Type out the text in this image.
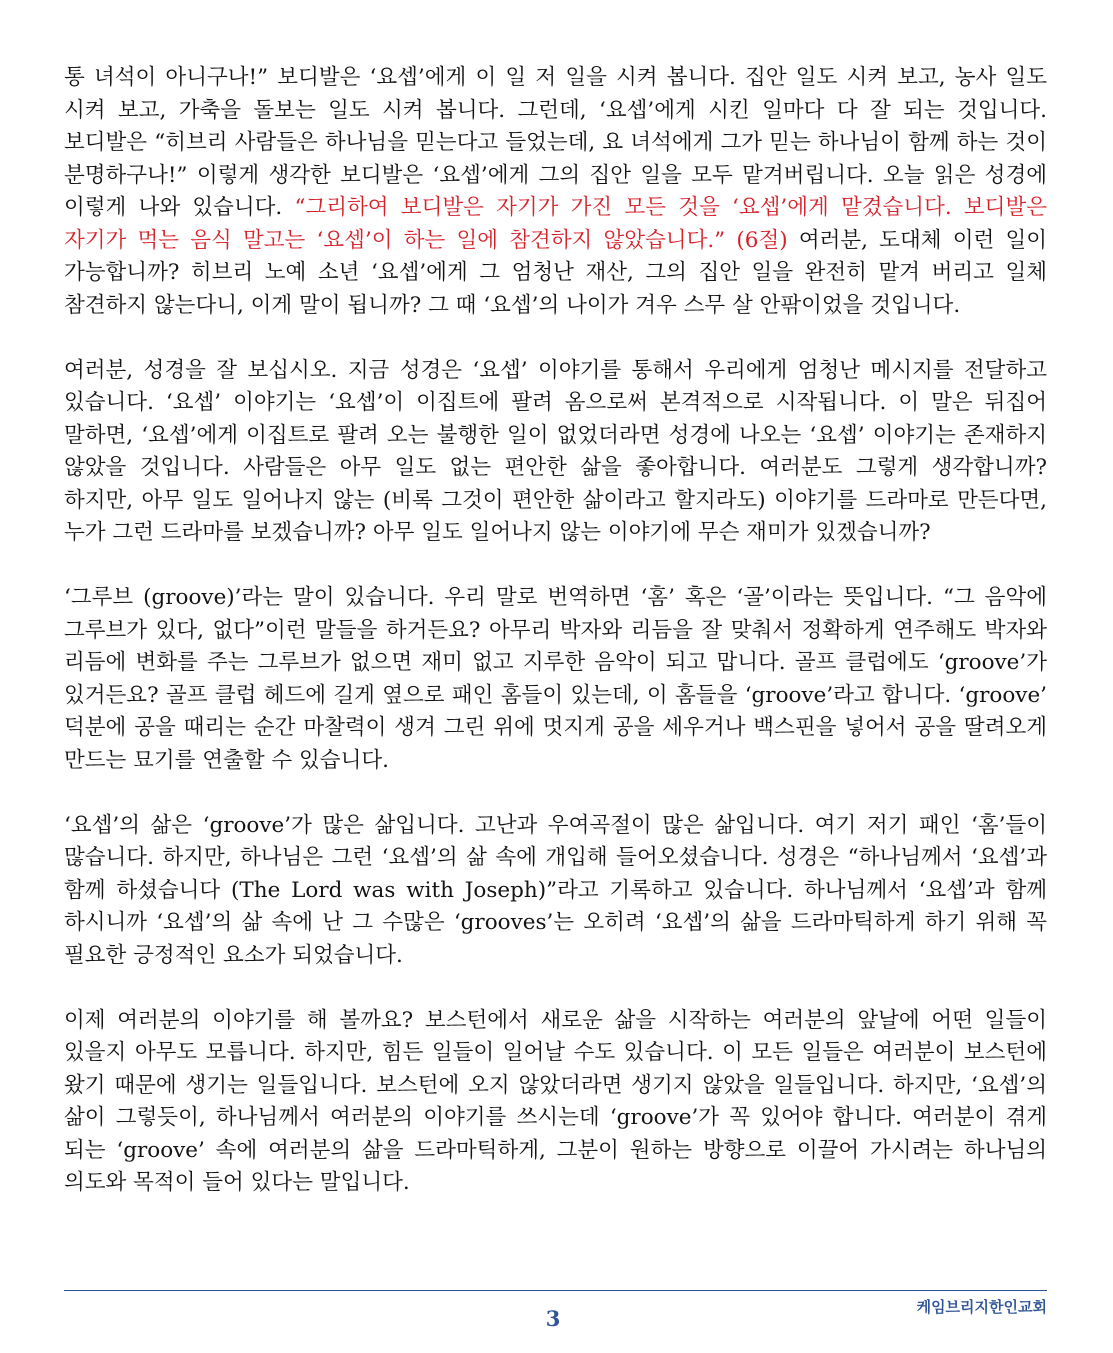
통 녀석이 아니구나!” 보디발은 ‘요셉’에게 이 일 저 일을 시켜 봅니다. 집안 일도 시켜 보고, 농사 일도 시켜 보고, 가축을 돌보는 일도 시켜 봅니다. 그런데, ‘요셉’에게 시킨 일마다 다 잘 되는 것입니다. 보디발은 “히브리 사람들은 하나님을 믿는다고 들었는데, 요 녀석에게 그가 믿는 하나님이 함께 하는 것이 분명하구나!” 이렇게 생각한 보디발은 ‘요셉’에게 그의 집안 일을 모두 맡겨버립니다. 오늘 읽은 성경에 이렇게 나와 있습니다. “그리하여 보디발은 자기가 가진 모든 것을 ‘요셉’에게 맡겼습니다. 보디발은 자기가 먹는 음식 말고는 ‘요셉’이 하는 일에 참견하지 않았습니다.” (6절) 여러분, 도대체 이런 일이 가능합니까? 히브리 노예 소년 ‘요셉’에게 그 엄청난 재산, 그의 집안 일을 완전히 맡겨 버리고 일체 참견하지 않는다니, 이게 말이 됩니까? 그 때 ‘요셉’의 나이가 겨우 스무 살 안팎이었을 것입니다.

여러분, 성경을 잘 보십시오. 지금 성경은 ‘요셉’ 이야기를 통해서 우리에게 엄청난 메시지를 전달하고 있습니다. ‘요셉’ 이야기는 ‘요셉’이 이집트에 팔려 옴으로써 본격적으로 시작됩니다. 이 말은 뒤집어 말하면, ‘요셉’에게 이집트로 팔려 오는 불행한 일이 없었더라면 성경에 나오는 ‘요셉’ 이야기는 존재하지 않았을 것입니다. 사람들은 아무 일도 없는 편안한 삶을 좋아합니다. 여러분도 그렇게 생각합니까? 하지만, 아무 일도 일어나지 않는 (비록 그것이 편안한 삶이라고 할지라도) 이야기를 드라마로 만든다면, 누가 그런 드라마를 보겠습니까? 아무 일도 일어나지 않는 이야기에 무슨 재미가 있겠습니까?

‘그루브 (groove)’라는 말이 있습니다. 우리 말로 번역하면 ‘홈’ 혹은 ‘골’이라는 뜻입니다. “그 음악에 그루브가 있다, 없다”이런 말들을 하거든요? 아무리 박자와 리듬을 잘 맞춰서 정확하게 연주해도 박자와 리듬에 변화를 주는 그루브가 없으면 재미 없고 지루한 음악이 되고 맙니다. 골프 클럽에도 ‘groove’가 있거든요? 골프 클럽 헤드에 길게 옆으로 패인 홈들이 있는데, 이 홈들을 ‘groove’라고 합니다. ‘groove’ 덕분에 공을 때리는 순간 마찰력이 생겨 그린 위에 멋지게 공을 세우거나 백스핀을 넣어서 공을 딸려오게 만드는 묘기를 연출할 수 있습니다.

‘요셉’의 삶은 ‘groove’가 많은 삶입니다. 고난과 우여곡절이 많은 삶입니다. 여기 저기 패인 ‘홈’들이 많습니다. 하지만, 하나님은 그런 ‘요셉’의 삶 속에 개입해 들어오셨습니다. 성경은 “하나님께서 ‘요셉’과 함께 하셨습니다 (The Lord was with Joseph)”라고 기록하고 있습니다. 하나님께서 ‘요셉’과 함께 하시니까 ‘요셉’의 삶 속에 난 그 수많은 ‘grooves’는 오히려 ‘요셉’의 삶을 드라마틱하게 하기 위해 꼭 필요한 긍정적인 요소가 되었습니다.

이제 여러분의 이야기를 해 볼까요? 보스턴에서 새로운 삶을 시작하는 여러분의 앞날에 어떤 일들이 있을지 아무도 모릅니다. 하지만, 힘든 일들이 일어날 수도 있습니다. 이 모든 일들은 여러분이 보스턴에 왔기 때문에 생기는 일들입니다. 보스턴에 오지 않았더라면 생기지 않았을 일들입니다. 하지만, ‘요셉’의 삶이 그렇듯이, 하나님께서 여러분의 이야기를 쓰시는데 ‘groove’가 꼭 있어야 합니다. 여러분이 겪게 되는 ‘groove’ 속에 여러분의 삶을 드라마틱하게, 그분이 원하는 방향으로 이끌어 가시려는 하나님의 의도와 목적이 들어 있다는 말입니다.

케임브리지한인교회
3
